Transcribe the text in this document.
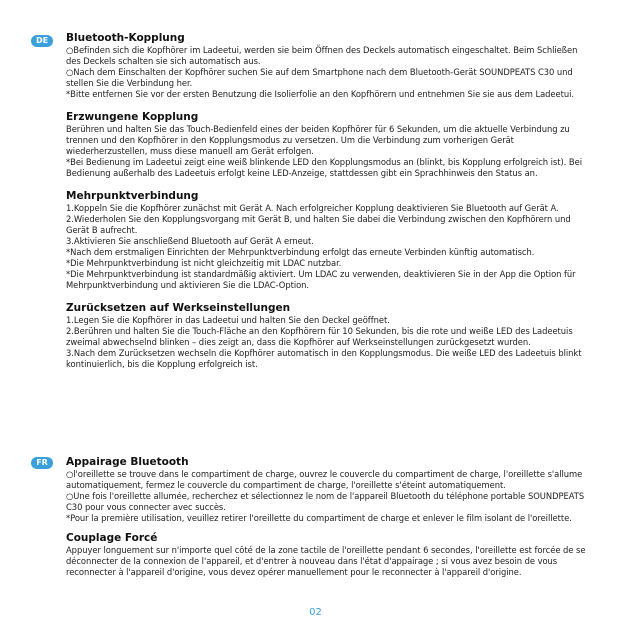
DE	Bluetooth-Kopplung

○Befinden sich die Kopfhörer im Ladeetui, werden sie beim Öffnen des Deckels automatisch eingeschaltet. Beim Schließen des Deckels schalten sie sich automatisch aus.

○Nach dem Einschalten der Kopfhörer suchen Sie auf dem Smartphone nach dem Bluetooth-Gerät SOUNDPEATS C30 und stellen Sie die Verbindung her.

*Bitte entfernen Sie vor der ersten Benutzung die Isolierfolie an den Kopfhörern und entnehmen Sie sie aus dem Ladeetui.

Erzwungene Kopplung

Berühren und halten Sie das Touch-Bedienfeld eines der beiden Kopfhörer für 6 Sekunden, um die aktuelle Verbindung zu trennen und den Kopfhörer in den Kopplungsmodus zu versetzen. Um die Verbindung zum vorherigen Gerät wiederherzustellen, muss diese manuell am Gerät erfolgen.

*Bei Bedienung im Ladeetui zeigt eine weiß blinkende LED den Kopplungsmodus an (blinkt, bis Kopplung erfolgreich ist). Bei Bedienung außerhalb des Ladeetuis erfolgt keine LED-Anzeige, stattdessen gibt ein Sprachhinweis den Status an.

Mehrpunktverbindung

1.Koppeln Sie die Kopfhörer zunächst mit Gerät A. Nach erfolgreicher Kopplung deaktivieren Sie Bluetooth auf Gerät A.

2.Wiederholen Sie den Kopplungsvorgang mit Gerät B, und halten Sie dabei die Verbindung zwischen den Kopfhörern und Gerät B aufrecht.

3.Aktivieren Sie anschließend Bluetooth auf Gerät A erneut.

*Nach dem erstmaligen Einrichten der Mehrpunktverbindung erfolgt das erneute Verbinden künftig automatisch.

*Die Mehrpunktverbindung ist nicht gleichzeitig mit LDAC nutzbar.

*Die Mehrpunktverbindung ist standardmäßig aktiviert. Um LDAC zu verwenden, deaktivieren Sie in der App die Option für Mehrpunktverbindung und aktivieren Sie die LDAC-Option.

Zurücksetzen auf Werkseinstellungen

1.Legen Sie die Kopfhörer in das Ladeetui und halten Sie den Deckel geöffnet.

2.Berühren und halten Sie die Touch-Fläche an den Kopfhörern für 10 Sekunden, bis die rote und weiße LED des Ladeetuis zweimal abwechselnd blinken – dies zeigt an, dass die Kopfhörer auf Werkseinstellungen zurückgesetzt wurden.

3.Nach dem Zurücksetzen wechseln die Kopfhörer automatisch in den Kopplungsmodus. Die weiße LED des Ladeetuis blinkt kontinuierlich, bis die Kopplung erfolgreich ist.

FR	Appairage Bluetooth

○l'oreillette se trouve dans le compartiment de charge, ouvrez le couvercle du compartiment de charge, l'oreillette s'allume automatiquement, fermez le couvercle du compartiment de charge, l'oreillette s'éteint automatiquement.

○Une fois l'oreillette allumée, recherchez et sélectionnez le nom de l'appareil Bluetooth du téléphone portable SOUNDPEATS C30 pour vous connecter avec succès.

*Pour la première utilisation, veuillez retirer l'oreillette du compartiment de charge et enlever le film isolant de l'oreillette.

Couplage Forcé

Appuyer longuement sur n'importe quel côté de la zone tactile de l'oreillette pendant 6 secondes, l'oreillette est forcée de se déconnecter de la connexion de l'appareil, et d'entrer à nouveau dans l'état d'appairage ; si vous avez besoin de vous reconnecter à l'appareil d'origine, vous devez opérer manuellement pour le reconnecter à l'appareil d'origine.

02
